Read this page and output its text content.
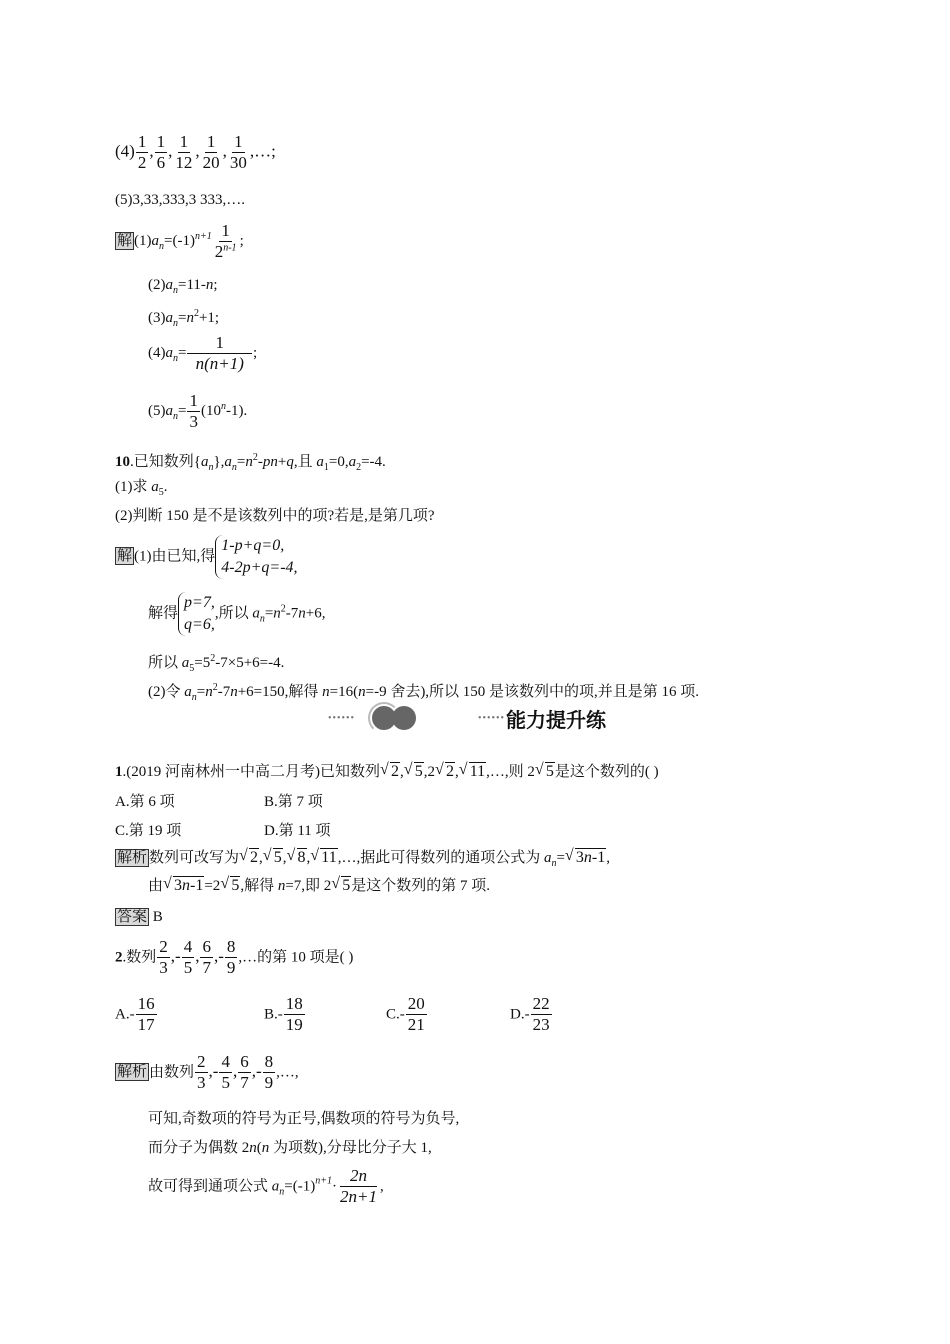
$(4) \frac{1}{2}$ , $\frac{1}{6}$ , $\frac{1}{12}$ , $\frac{1}{20}$ , $\frac{1}{30}$ ,…;
(5)3,33,333,3 333,….
解 $(1)a_n=(-1)^{n+1} \frac{1}{2^{n-1}}$ ;
$(2)a_n=11-n$;
$(3)a_n=n^2+1$;
$(4)a_n= \frac{1}{n(n+1)}$ ;
$(5)a_n= \frac{1}{3} (10^n-1)$.
10.已知数列$\{a_n\},a_n=n^2-pn+q$,且 $a_1=0,a_2=-4$.
(1)求 $a_5$.
(2)判断 150 是不是该数列中的项?若是,是第几项?
解 (1)由已知,得1-p+q=0,
4-2p+q=-4,
解得p=7,
q=6,,所以 $a_n=n^2-7n+6$,
所以 $a_5=5^2-7\times 5+6=-4$.
(2)令 $a_n=n^2-7n+6=150$,解得 n=16(n=-9 舍去),所以 150 是该数列中的项,并且是第 16 项.
••••••	•••••• 能力提升练
1.(2019 河南林州一中高二月考)已知数列 √ 2, √ 5,2 √ 2, √ 11,…,则 2 √ 5是这个数列的( )
A.第 6 项	B.第 7 项
C.第 19 项	D.第 11 项
解析 数列可改写为 √ 2, √ 5, √ 8, √ 11,…,据此可得数列的通项公式为 $a_n=$ √ 3n-1,
由 √ 3n-1=2 √ 5,解得 n=7,即 2 √ 5是这个数列的第 7 项.
答案 B
2.数列 $\frac{2}{3}$ ,- $\frac{4}{5}$ , $\frac{6}{7}$ ,- $\frac{8}{9}$ ,…的第 10 项是( )
$A.- \frac{16}{17}$	$B.- \frac{18}{19}$	$C.- \frac{20}{21}$	$D.- \frac{22}{23}$
解析 由数列 $\frac{2}{3}$ ,- $\frac{4}{5}$ , $\frac{6}{7}$ ,- $\frac{8}{9}$ ,…,
可知,奇数项的符号为正号,偶数项的符号为负号,
而分子为偶数 2n(n 为项数),分母比分子大 1,
故可得到通项公式 $a_n=(-1)^{n+1}\cdot \frac{2n}{2n+1}$ ,
